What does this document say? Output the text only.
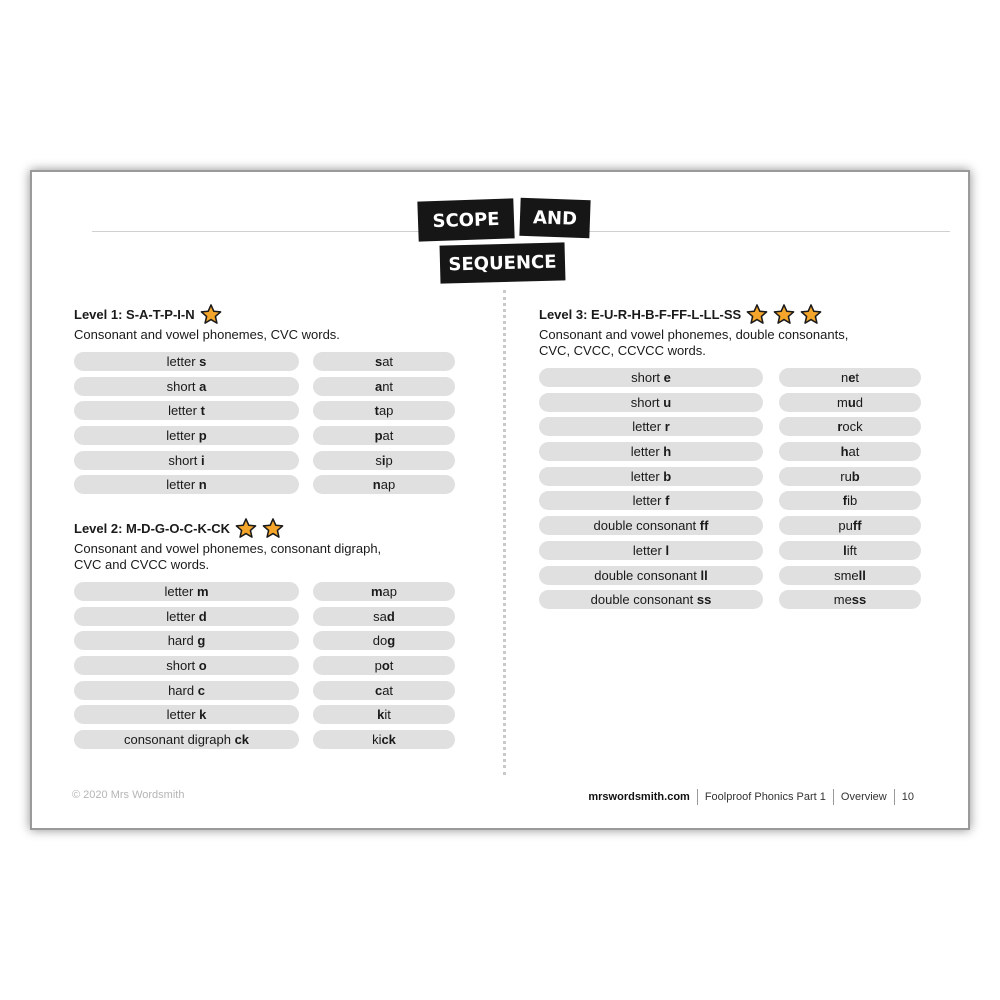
SCOPE	AND
SEQUENCE
Level 1: S-A-T-P-I-N
Consonant and vowel phonemes, CVC words.
letter s	s at
short a	a nt
letter t	t ap
letter p	p at
short i	s i p
letter n	n ap
Level 2: M-D-G-O-C-K-CK
Consonant and vowel phonemes, consonant digraph,
CVC and CVCC words.
letter m	m ap
letter d	sa d
hard g	do g
short o	p o t
hard c	c at
letter k	k it
consonant digraph ck	ki ck
Level 3: E-U-R-H-B-F-FF-L-LL-SS
Consonant and vowel phonemes, double consonants,
CVC, CVCC, CCVCC words.
short e	n e t
short u	m u d
letter r	r ock
letter h	h at
letter b	ru b
letter f	f ib
double consonant ff	pu ff
letter l	l ift
double consonant ll	sme ll
double consonant ss	me ss
© 2020 Mrs Wordsmith	mrswordsmith.com	Foolproof Phonics Part 1	Overview	10
